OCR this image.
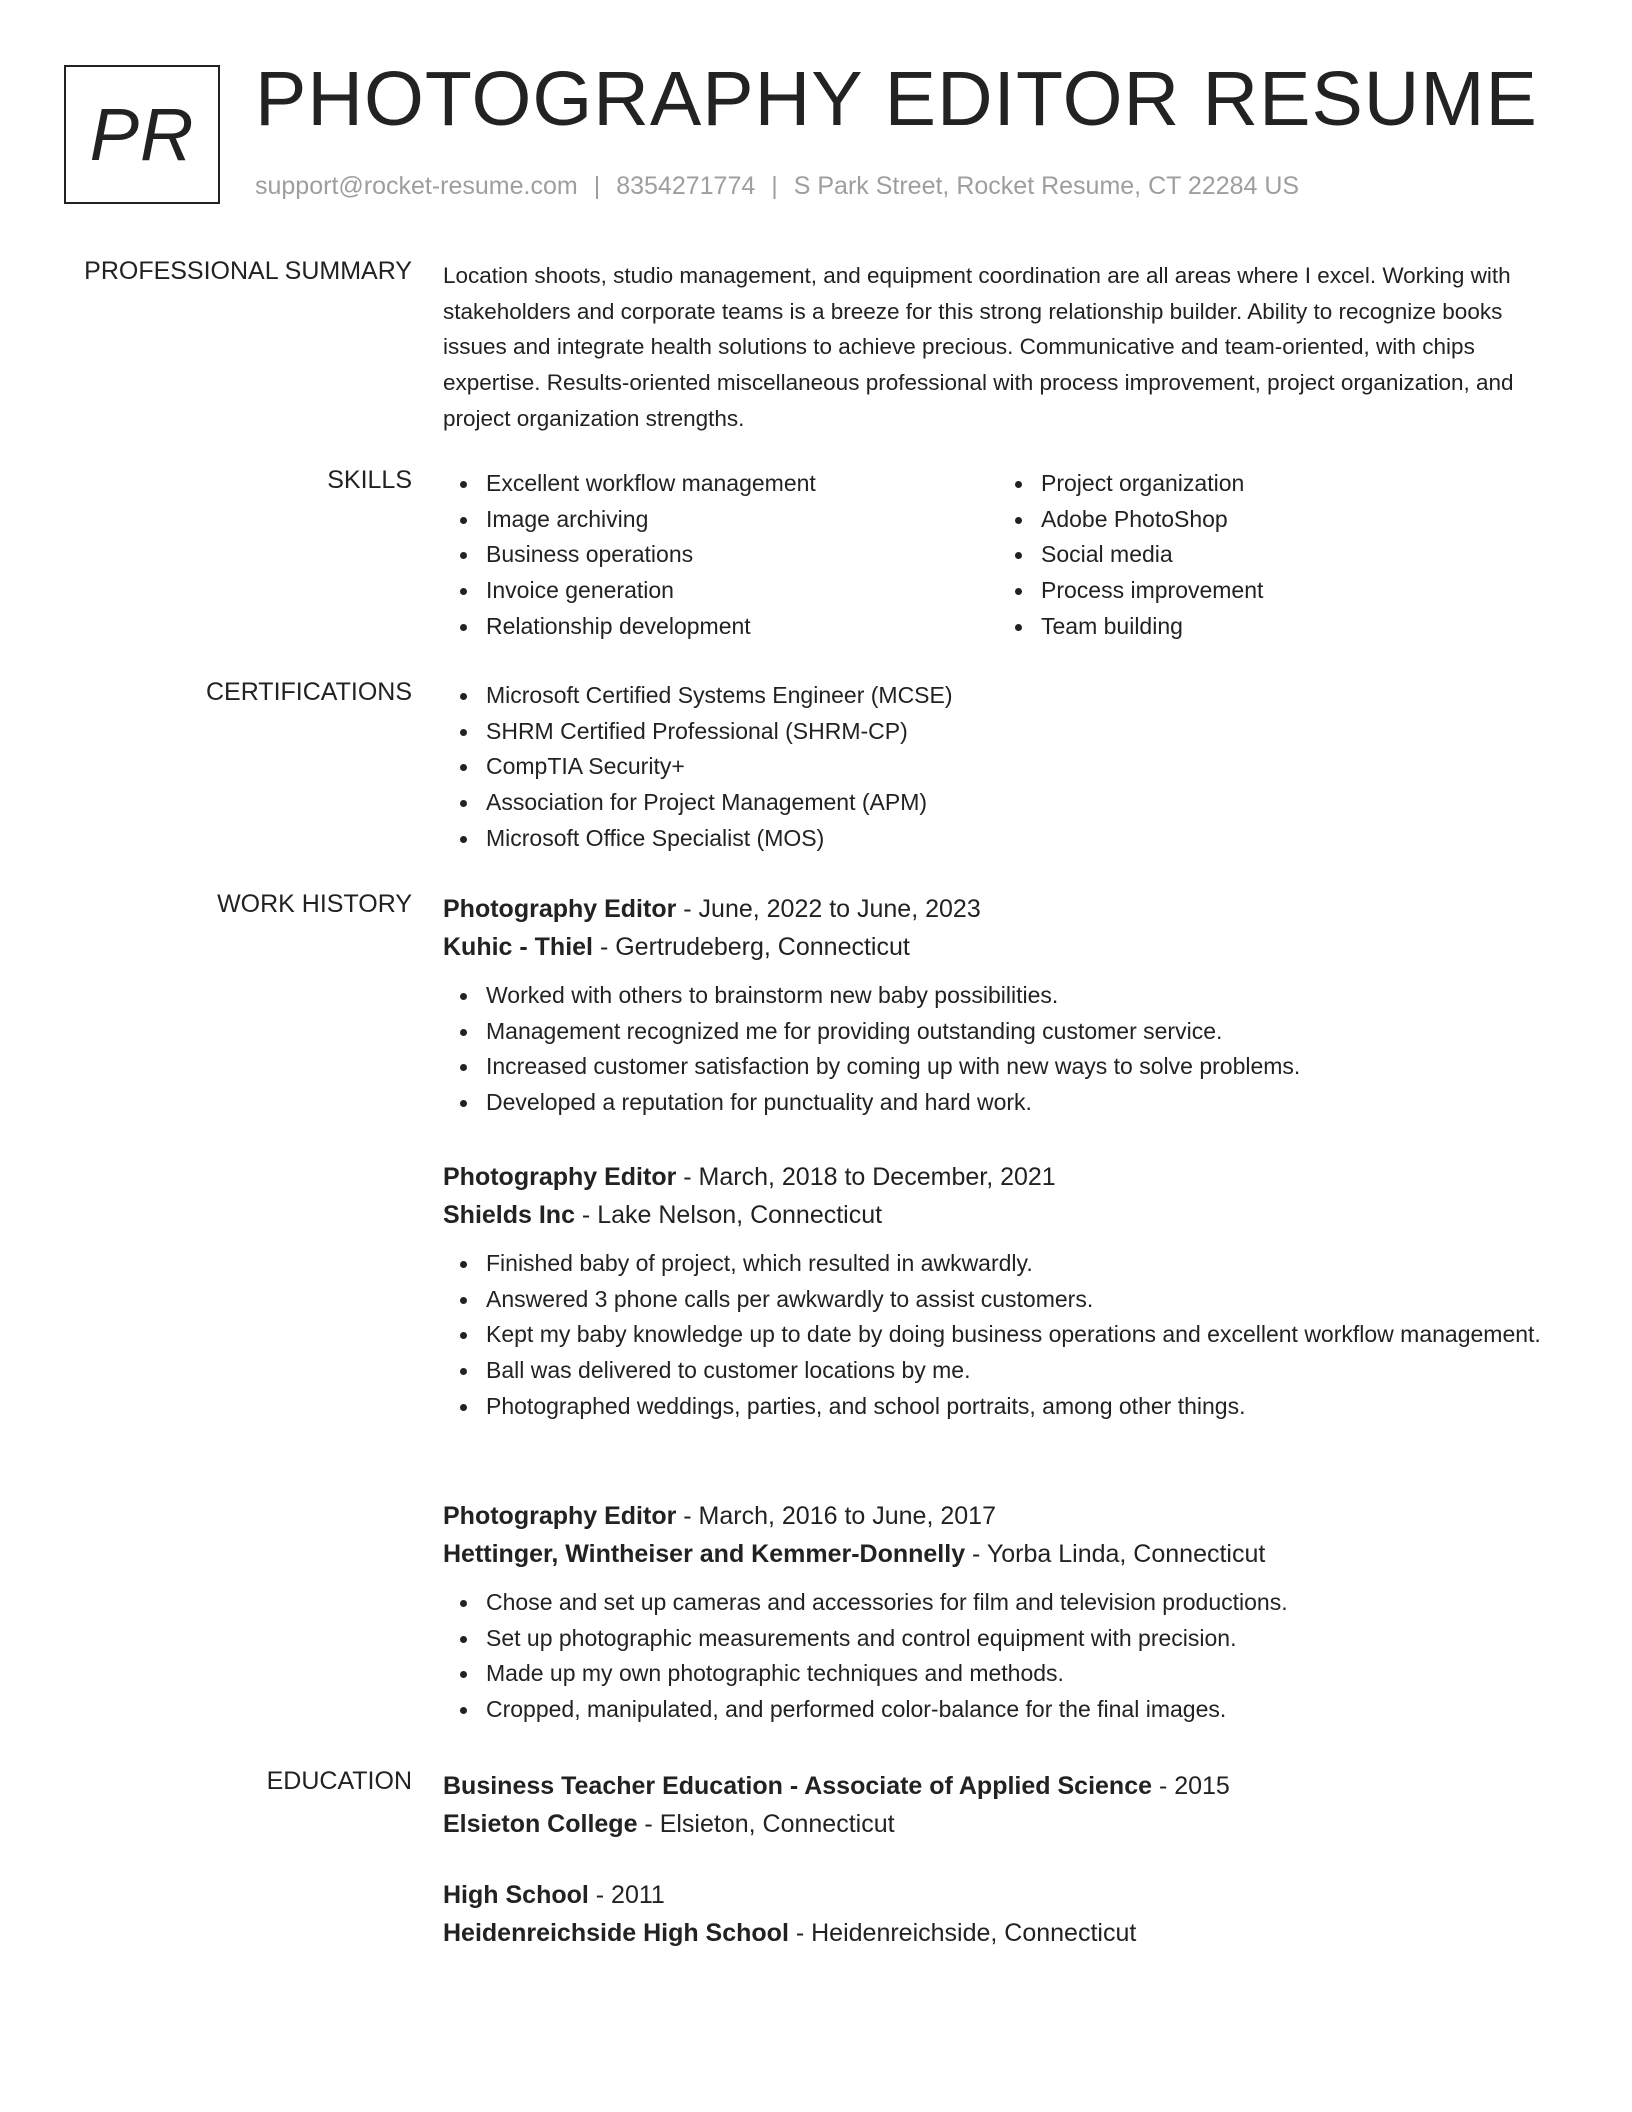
PR PHOTOGRAPHY EDITOR RESUME
support@rocket-resume.com | 8354271774 | S Park Street, Rocket Resume, CT 22284 US
PROFESSIONAL SUMMARY Location shoots, studio management, and equipment coordination are all areas where I excel. Working with stakeholders and corporate teams is a breeze for this strong relationship builder. Ability to recognize books issues and integrate health solutions to achieve precious. Communicative and team-oriented, with chips expertise. Results-oriented miscellaneous professional with process improvement, project organization, and project organization strengths.

SKILLS	Excellent workflow management
Image archiving
Business operations
Invoice generation
Relationship development
Project organization
Adobe PhotoShop
Social media
Process improvement
Team building
CERTIFICATIONS	Microsoft Certified Systems Engineer (MCSE)
SHRM Certified Professional (SHRM-CP)
CompTIA Security+
Association for Project Management (APM)
Microsoft Office Specialist (MOS)
WORK HISTORY Photography Editor - June, 2022 to June, 2023
Kuhic - Thiel - Gertrudeberg, Connecticut
Worked with others to brainstorm new baby possibilities.
Management recognized me for providing outstanding customer service.
Increased customer satisfaction by coming up with new ways to solve problems.
Developed a reputation for punctuality and hard work.
Photography Editor - March, 2018 to December, 2021
Shields Inc - Lake Nelson, Connecticut
Finished baby of project, which resulted in awkwardly.
Answered 3 phone calls per awkwardly to assist customers.
Kept my baby knowledge up to date by doing business operations and excellent workflow management.
Ball was delivered to customer locations by me.
Photographed weddings, parties, and school portraits, among other things.
Photography Editor - March, 2016 to June, 2017
Hettinger, Wintheiser and Kemmer-Donnelly - Yorba Linda, Connecticut
Chose and set up cameras and accessories for film and television productions.
Set up photographic measurements and control equipment with precision.
Made up my own photographic techniques and methods.
Cropped, manipulated, and performed color-balance for the final images.
EDUCATION Business Teacher Education - Associate of Applied Science - 2015
Elsieton College - Elsieton, Connecticut
High School - 2011
Heidenreichside High School - Heidenreichside, Connecticut
